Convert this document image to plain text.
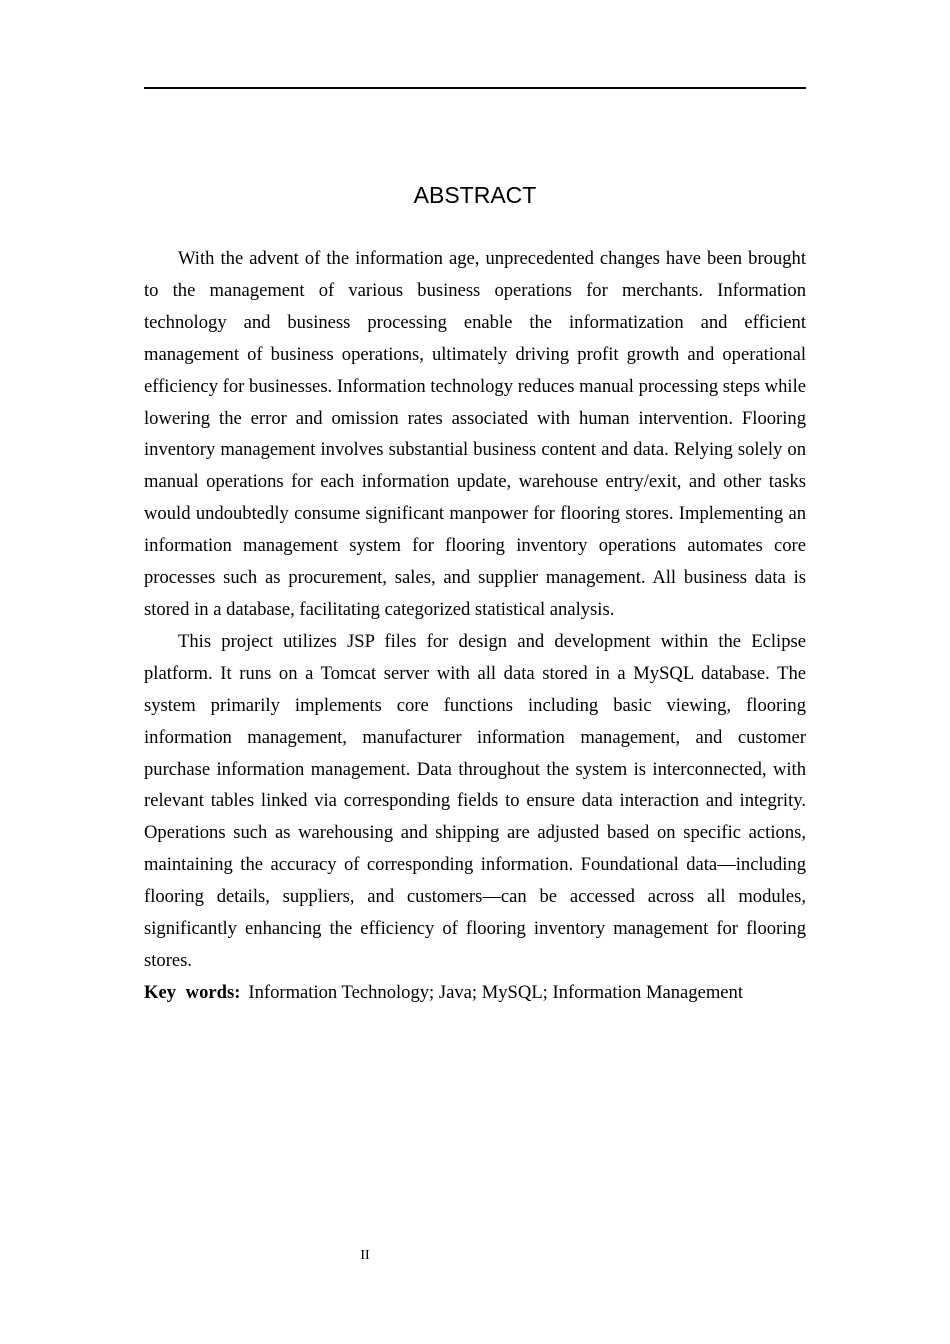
ABSTRACT

With the advent of the information age, unprecedented changes have been brought to the management of various business operations for merchants. Information technology and business processing enable the informatization and efficient management of business operations, ultimately driving profit growth and operational efficiency for businesses. Information technology reduces manual processing steps while lowering the error and omission rates associated with human intervention. Flooring inventory management involves substantial business content and data. Relying solely on manual operations for each information update, warehouse entry/exit, and other tasks would undoubtedly consume significant manpower for flooring stores. Implementing an information management system for flooring inventory operations automates core processes such as procurement, sales, and supplier management. All business data is stored in a database, facilitating categorized statistical analysis.

This project utilizes JSP files for design and development within the Eclipse platform. It runs on a Tomcat server with all data stored in a MySQL database. The system primarily implements core functions including basic viewing, flooring information management, manufacturer information management, and customer purchase information management. Data throughout the system is interconnected, with relevant tables linked via corresponding fields to ensure data interaction and integrity. Operations such as warehousing and shipping are adjusted based on specific actions, maintaining the accuracy of corresponding information. Foundational data—including flooring details, suppliers, and customers—can be accessed across all modules, significantly enhancing the efficiency of flooring inventory management for flooring stores.

Key words: Information Technology; Java; MySQL; Information Management

II
